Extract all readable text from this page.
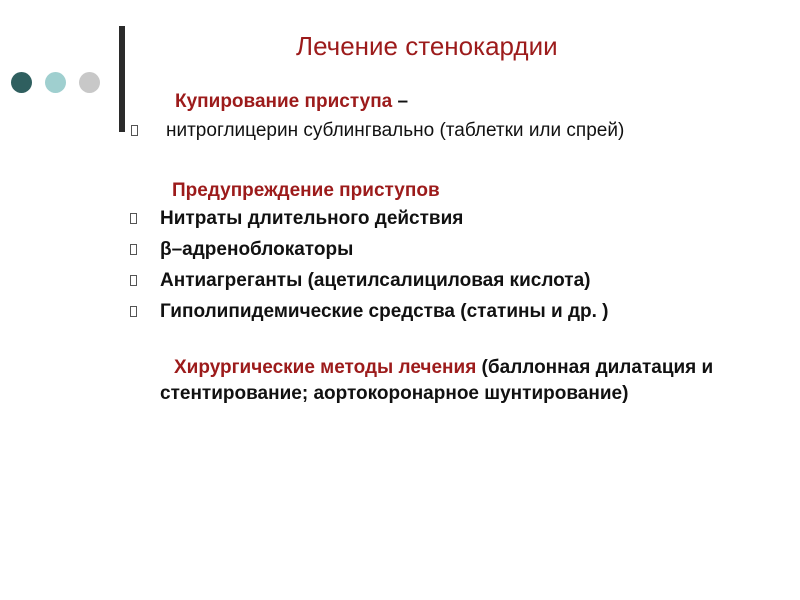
Лечение стенокардии
Купирование приступа –
нитроглицерин сублингвально (таблетки или спрей)
Предупреждение приступов
Нитраты длительного действия
β–адреноблокаторы
Антиагреганты (ацетилсалициловая кислота)
Гиполипидемические средства (статины и др. )
Хирургические методы лечения (баллонная дилатация и стентирование; аортокоронарное шунтирование)
